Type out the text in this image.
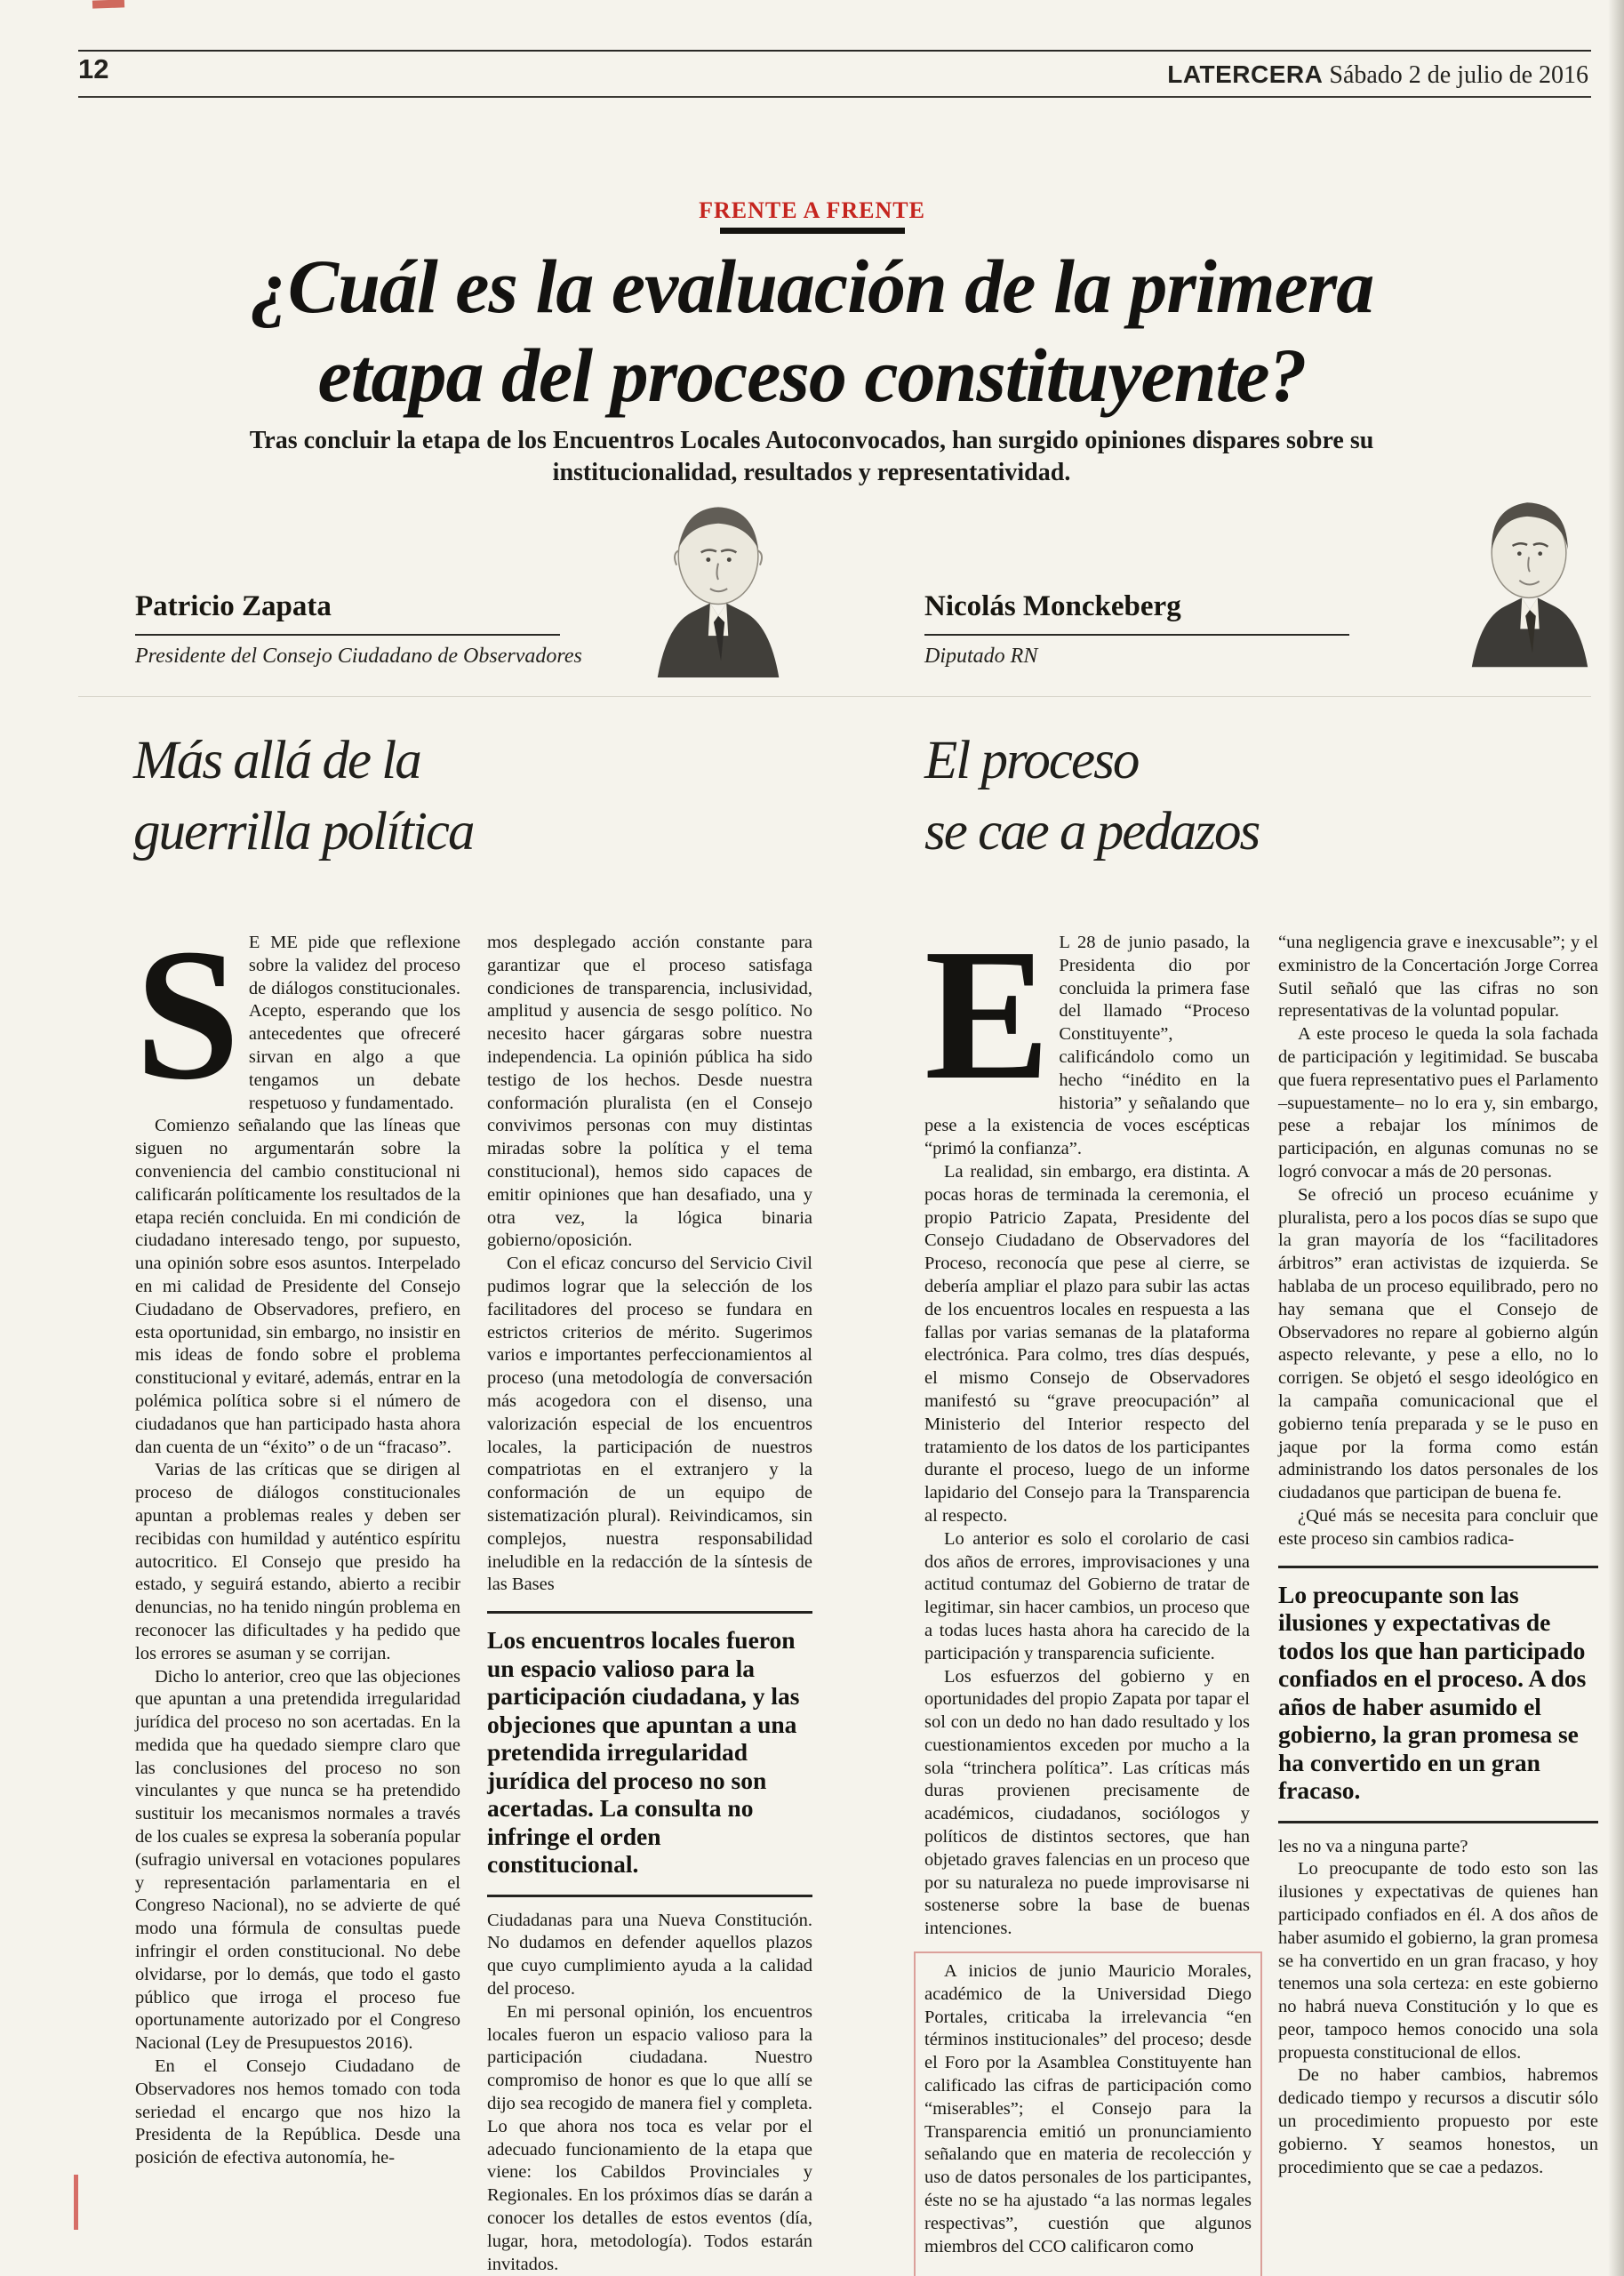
12	LATERCERA Sábado 2 de julio de 2016
FRENTE A FRENTE
¿Cuál es la evaluación de la primera
etapa del proceso constituyente?
Tras concluir la etapa de los Encuentros Locales Autoconvocados, han surgido opiniones dispares sobre su institucionalidad, resultados y representatividad.
Patricio Zapata
Presidente del Consejo Ciudadano de Observadores
Nicolás Monckeberg
Diputado RN
Más allá de la
guerrilla política
El proceso
se cae a pedazos

S E ME pide que reflexione sobre la validez del proceso de diálogos constitucionales. Acepto, esperando que los antecedentes que ofreceré sirvan en algo a que tengamos un debate respetuoso y fundamentado.

Comienzo señalando que las líneas que siguen no argumentarán sobre la conveniencia del cambio constitucional ni calificarán políticamente los resultados de la etapa recién concluida. En mi condición de ciudadano interesado tengo, por supuesto, una opinión sobre esos asuntos. Interpelado en mi calidad de Presidente del Consejo Ciudadano de Observadores, prefiero, en esta oportunidad, sin embargo, no insistir en mis ideas de fondo sobre el problema constitucional y evitaré, además, entrar en la polémica política sobre si el número de ciudadanos que han participado hasta ahora dan cuenta de un “éxito” o de un “fracaso”.

Varias de las críticas que se dirigen al proceso de diálogos constitucionales apuntan a problemas reales y deben ser recibidas con humildad y auténtico espíritu autocritico. El Consejo que presido ha estado, y seguirá estando, abierto a recibir denuncias, no ha tenido ningún problema en reconocer las dificultades y ha pedido que los errores se asuman y se corrijan.

Dicho lo anterior, creo que las objeciones que apuntan a una pretendida irregularidad jurídica del proceso no son acertadas. En la medida que ha quedado siempre claro que las conclusiones del proceso no son vinculantes y que nunca se ha pretendido sustituir los mecanismos normales a través de los cuales se expresa la soberanía popular (sufragio universal en votaciones populares y representación parlamentaria en el Congreso Nacional), no se advierte de qué modo una fórmula de consultas puede infringir el orden constitucional. No debe olvidarse, por lo demás, que todo el gasto público que irroga el proceso fue oportunamente autorizado por el Congreso Nacional (Ley de Presupuestos 2016).

En el Consejo Ciudadano de Observadores nos hemos tomado con toda seriedad el encargo que nos hizo la Presidenta de la República. Desde una posición de efectiva autonomía, he-

mos desplegado acción constante para garantizar que el proceso satisfaga condiciones de transparencia, inclusividad, amplitud y ausencia de sesgo político. No necesito hacer gárgaras sobre nuestra independencia. La opinión pública ha sido testigo de los hechos. Desde nuestra conformación pluralista (en el Consejo convivimos personas con muy distintas miradas sobre la política y el tema constitucional), hemos sido capaces de emitir opiniones que han desafiado, una y otra vez, la lógica binaria gobierno/oposición.

Con el eficaz concurso del Servicio Civil pudimos lograr que la selección de los facilitadores del proceso se fundara en estrictos criterios de mérito. Sugerimos varios e importantes perfeccionamientos al proceso (una metodología de conversación más acogedora con el disenso, una valorización especial de los encuentros locales, la participación de nuestros compatriotas en el extranjero y la conformación de un equipo de sistematización plural). Reivindicamos, sin complejos, nuestra responsabilidad ineludible en la redacción de la síntesis de las Bases

Los encuentros locales fueron un espacio valioso para la participación ciudadana, y las objeciones que apuntan a una pretendida irregularidad jurídica del proceso no son acertadas. La consulta no infringe el orden constitucional.

Ciudadanas para una Nueva Constitución. No dudamos en defender aquellos plazos que cuyo cumplimiento ayuda a la calidad del proceso.

En mi personal opinión, los encuentros locales fueron un espacio valioso para la participación ciudadana. Nuestro compromiso de honor es que lo que allí se dijo sea recogido de manera fiel y completa. Lo que ahora nos toca es velar por el adecuado funcionamiento de la etapa que viene: los Cabildos Provinciales y Regionales. En los próximos días se darán a conocer los detalles de estos eventos (día, lugar, hora, metodología). Todos estarán invitados.

E L 28 de junio pasado, la Presidenta dio por concluida la primera fase del llamado “Proceso Constituyente”, calificándolo como un hecho “inédito en la historia” y señalando que pese a la existencia de voces escépticas “primó la confianza”.

La realidad, sin embargo, era distinta. A pocas horas de terminada la ceremonia, el propio Patricio Zapata, Presidente del Consejo Ciudadano de Observadores del Proceso, reconocía que pese al cierre, se debería ampliar el plazo para subir las actas de los encuentros locales en respuesta a las fallas por varias semanas de la plataforma electrónica. Para colmo, tres días después, el mismo Consejo de Observadores manifestó su “grave preocupación” al Ministerio del Interior respecto del tratamiento de los datos de los participantes durante el proceso, luego de un informe lapidario del Consejo para la Transparencia al respecto.

Lo anterior es solo el corolario de casi dos años de errores, improvisaciones y una actitud contumaz del Gobierno de tratar de legitimar, sin hacer cambios, un proceso que a todas luces hasta ahora ha carecido de la participación y transparencia suficiente.

Los esfuerzos del gobierno y en oportunidades del propio Zapata por tapar el sol con un dedo no han dado resultado y los cuestionamientos exceden por mucho a la sola “trinchera política”. Las críticas más duras provienen precisamente de académicos, ciudadanos, sociólogos y políticos de distintos sectores, que han objetado graves falencias en un proceso que por su naturaleza no puede improvisarse ni sostenerse sobre la base de buenas intenciones.

A inicios de junio Mauricio Morales, académico de la Universidad Diego Portales, criticaba la irrelevancia “en términos institucionales” del proceso; desde el Foro por la Asamblea Constituyente han calificado las cifras de participación como “miserables”; el Consejo para la Transparencia emitió un pronunciamiento señalando que en materia de recolección y uso de datos personales de los participantes, éste no se ha ajustado “a las normas legales respectivas”, cuestión que algunos miembros del CCO calificaron como

“una negligencia grave e inexcusable”; y el exministro de la Concertación Jorge Correa Sutil señaló que las cifras no son representativas de la voluntad popular.

A este proceso le queda la sola fachada de participación y legitimidad. Se buscaba que fuera representativo pues el Parlamento –supuestamente– no lo era y, sin embargo, pese a rebajar los mínimos de participación, en algunas comunas no se logró convocar a más de 20 personas.

Se ofreció un proceso ecuánime y pluralista, pero a los pocos días se supo que la gran mayoría de los “facilitadores árbitros” eran activistas de izquierda. Se hablaba de un proceso equilibrado, pero no hay semana que el Consejo de Observadores no repare al gobierno algún aspecto relevante, y pese a ello, no lo corrigen. Se objetó el sesgo ideológico en la campaña comunicacional que el gobierno tenía preparada y se le puso en jaque por la forma como están administrando los datos personales de los ciudadanos que participan de buena fe.

¿Qué más se necesita para concluir que este proceso sin cambios radica-

Lo preocupante son las ilusiones y expectativas de todos los que han participado confiados en el proceso. A dos años de haber asumido el gobierno, la gran promesa se ha convertido en un gran fracaso.

les no va a ninguna parte?

Lo preocupante de todo esto son las ilusiones y expectativas de quienes han participado confiados en él. A dos años de haber asumido el gobierno, la gran promesa se ha convertido en un gran fracaso, y hoy tenemos una sola certeza: en este gobierno no habrá nueva Constitución y lo que es peor, tampoco hemos conocido una sola propuesta constitucional de ellos.

De no haber cambios, habremos dedicado tiempo y recursos a discutir sólo un procedimiento propuesto por este gobierno. Y seamos honestos, un procedimiento que se cae a pedazos.
